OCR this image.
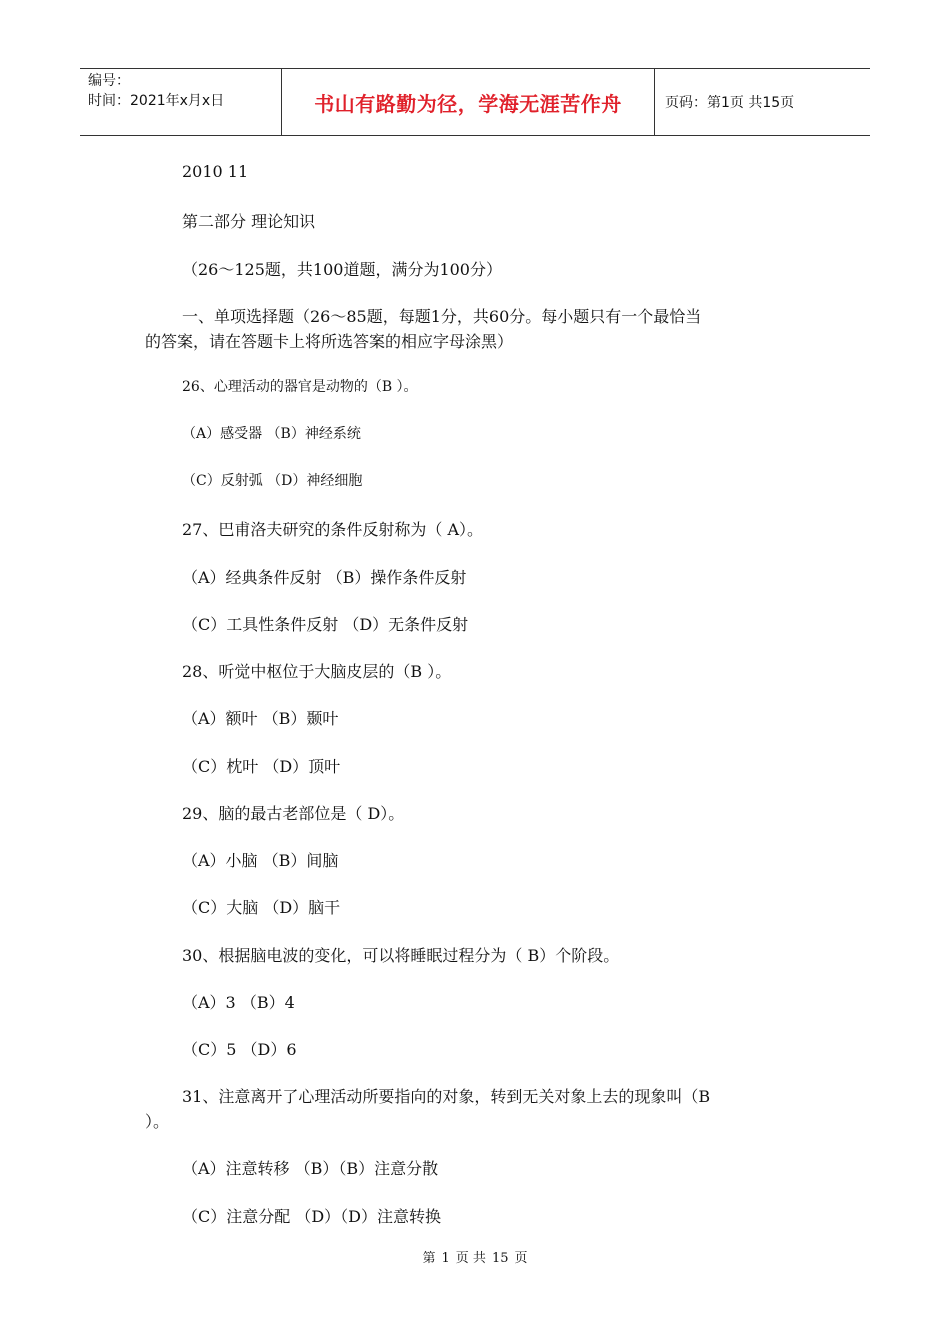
编号：
时间：2021年x月x日	书山有路勤为径，学海无涯苦作舟	页码：第1页 共15页
2010 11
第二部分 理论知识
（26～125题，共100道题，满分为100分）
一、单项选择题（26～85题，每题1分，共60分。每小题只有一个最恰当
的答案，请在答题卡上将所选答案的相应字母涂黑）
26、心理活动的器官是动物的（B ）。
（A）感受器 （B）神经系统
（C）反射弧 （D）神经细胞
27、巴甫洛夫研究的条件反射称为（ A）。
（A）经典条件反射 （B）操作条件反射
（C）工具性条件反射 （D）无条件反射
28、听觉中枢位于大脑皮层的（B ）。
（A）额叶 （B）颞叶
（C）枕叶 （D）顶叶
29、脑的最古老部位是（ D）。
（A）小脑 （B）间脑
（C）大脑 （D）脑干
30、根据脑电波的变化，可以将睡眠过程分为（ B）个阶段。
（A）3 （B）4
（C）5 （D）6
31、注意离开了心理活动所要指向的对象，转到无关对象上去的现象叫（B
）。
（A）注意转移 （B）（B）注意分散
（C）注意分配 （D）（D）注意转换
第 1 页 共 15 页
